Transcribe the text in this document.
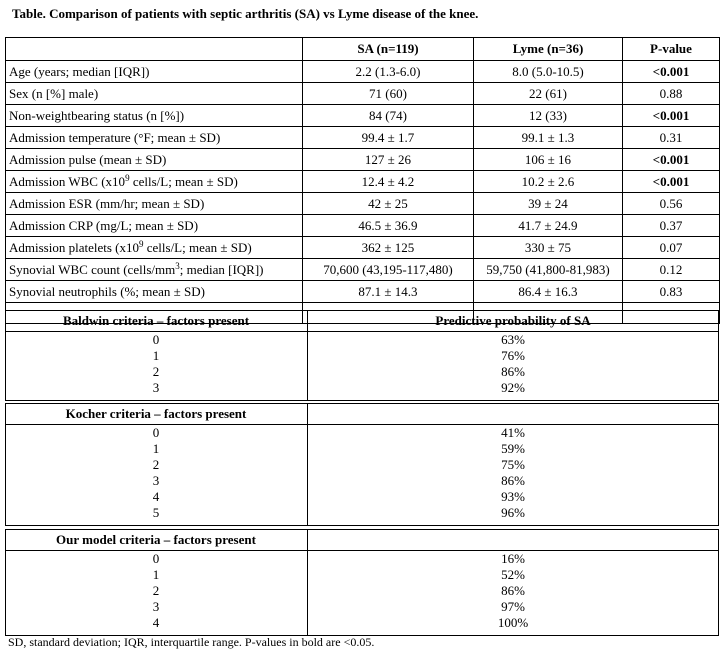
Table. Comparison of patients with septic arthritis (SA) vs Lyme disease of the knee.
	SA (n=119)	Lyme (n=36)	P-value
Age (years; median [IQR])	2.2 (1.3-6.0)	8.0 (5.0-10.5)	<0.001
Sex (n [%] male)	71 (60)	22 (61)	0.88
Non-weightbearing status (n [%])	84 (74)	12 (33)	<0.001
Admission temperature (°F; mean ± SD)	99.4 ± 1.7	99.1 ± 1.3	0.31
Admission pulse (mean ± SD)	127 ± 26	106 ± 16	<0.001
Admission WBC ($x10^9$ cells/L; mean ± SD)	12.4 ± 4.2	10.2 ± 2.6	<0.001
Admission ESR (mm/hr; mean ± SD)	42 ± 25	39 ± 24	0.56
Admission CRP (mg/L; mean ± SD)	46.5 ± 36.9	41.7 ± 24.9	0.37
Admission platelets ($x10^9$ cells/L; mean ± SD)	362 ± 125	330 ± 75	0.07
Synovial WBC count ($cells/mm^3$; median [IQR])	70,600 (43,195-117,480)	59,750 (41,800-81,983)	0.12
Synovial neutrophils (%; mean ± SD)	87.1 ± 14.3	86.4 ± 16.3	0.83

Baldwin criteria – factors present	Predictive probability of SA
0	63%
1	76%
2	86%
3	92%
Kocher criteria – factors present
0	41%
1	59%
2	75%
3	86%
4	93%
5	96%
Our model criteria – factors present
0	16%
1	52%
2	86%
3	97%
4	100%
SD, standard deviation; IQR, interquartile range. P-values in bold are <0.05.
